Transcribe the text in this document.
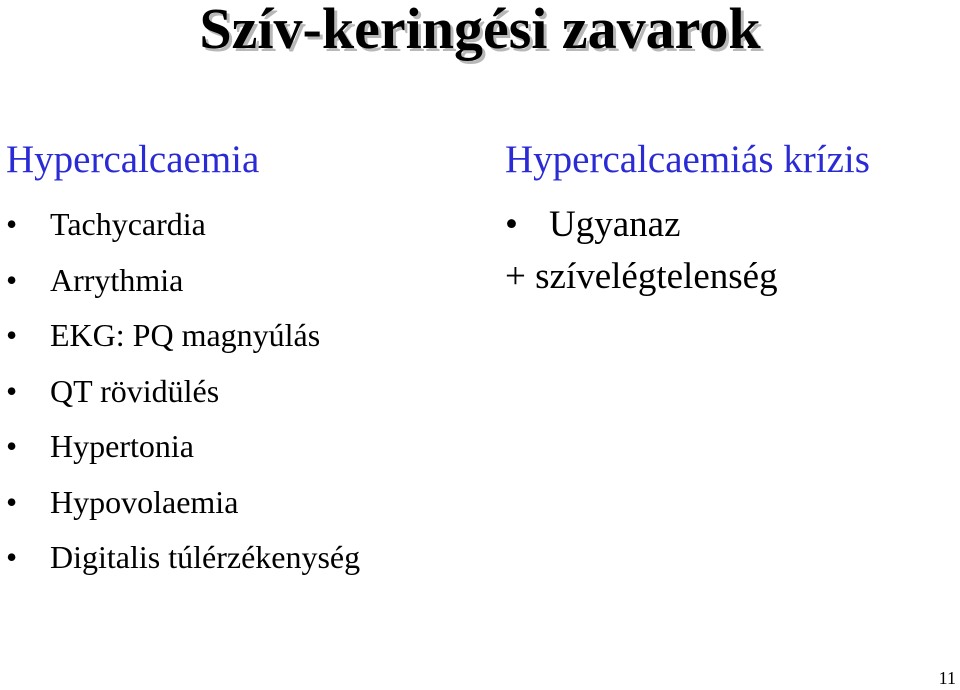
Szív-keringési zavarok
Hypercalcaemia
• Tachycardia
• Arrythmia
• EKG: PQ magnyúlás
• QT rövidülés
• Hypertonia
• Hypovolaemia
• Digitalis túlérzékenység
Hypercalcaemiás krízis
• Ugyanaz
+ szívelégtelenség
11
